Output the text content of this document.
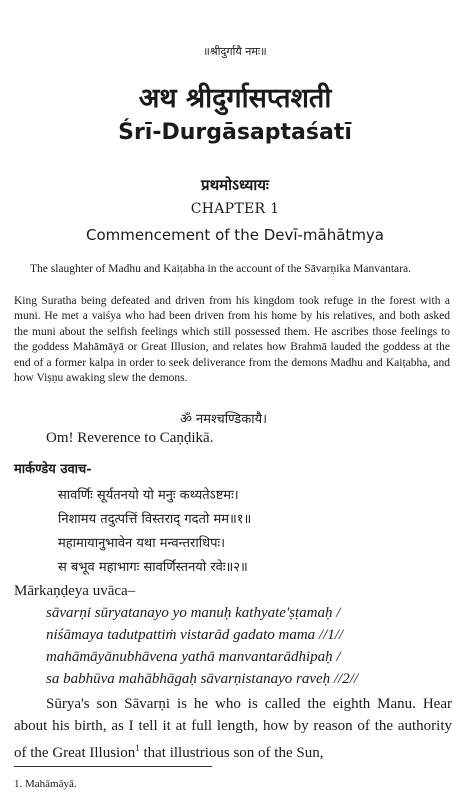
॥श्रीदुर्गायै नमः॥
अथ श्रीदुर्गासप्तशती
Śrī-Durgāsaptaśatī
प्रथमोऽध्यायः
CHAPTER 1
Commencement of the Devī-māhātmya
The slaughter of Madhu and Kaiṭabha in the account of the Sāvarṇika Manvantara.
King Suratha being defeated and driven from his kingdom took refuge in the forest with a muni. He met a vaiśya who had been driven from his home by his relatives, and both asked the muni about the selfish feelings which still possessed them. He ascribes those feelings to the goddess Mahāmāyā or Great Illusion, and relates how Brahmā lauded the goddess at the end of a former kalpa in order to seek deliverance from the demons Madhu and Kaiṭabha, and how Viṣṇu awaking slew the demons.
ॐ नमश्चण्डिकायै।
Om! Reverence to Caṇḍikā.
मार्कण्डेय उवाच-
सावर्णिः सूर्यतनयो यो मनुः कथ्यतेऽष्टमः।
निशामय तदुत्पत्तिं विस्तराद् गदतो मम॥१॥
महामायानुभावेन यथा मन्वन्तराधिपः।
स बभूव महाभागः सावर्णिस्तनयो रवेः॥२॥
Mārkaṇḍeya uvāca–
sāvarṇi sūryatanayo yo manuḥ kathyate'ṣṭamaḥ /
niśāmaya tadutpattiṁ vistarād gadato mama //1//
mahāmāyānubhāvena yathā manvantarādhipaḥ /
sa babhūva mahābhāgaḥ sāvarṇistanayo raveḥ //2//
Sūrya's son Sāvarṇi is he who is called the eighth Manu. Hear about his birth, as I tell it at full length, how by reason of the authority of the Great Illusion$^1$ that illustrious son of the Sun,
1. Mahāmāyā.
